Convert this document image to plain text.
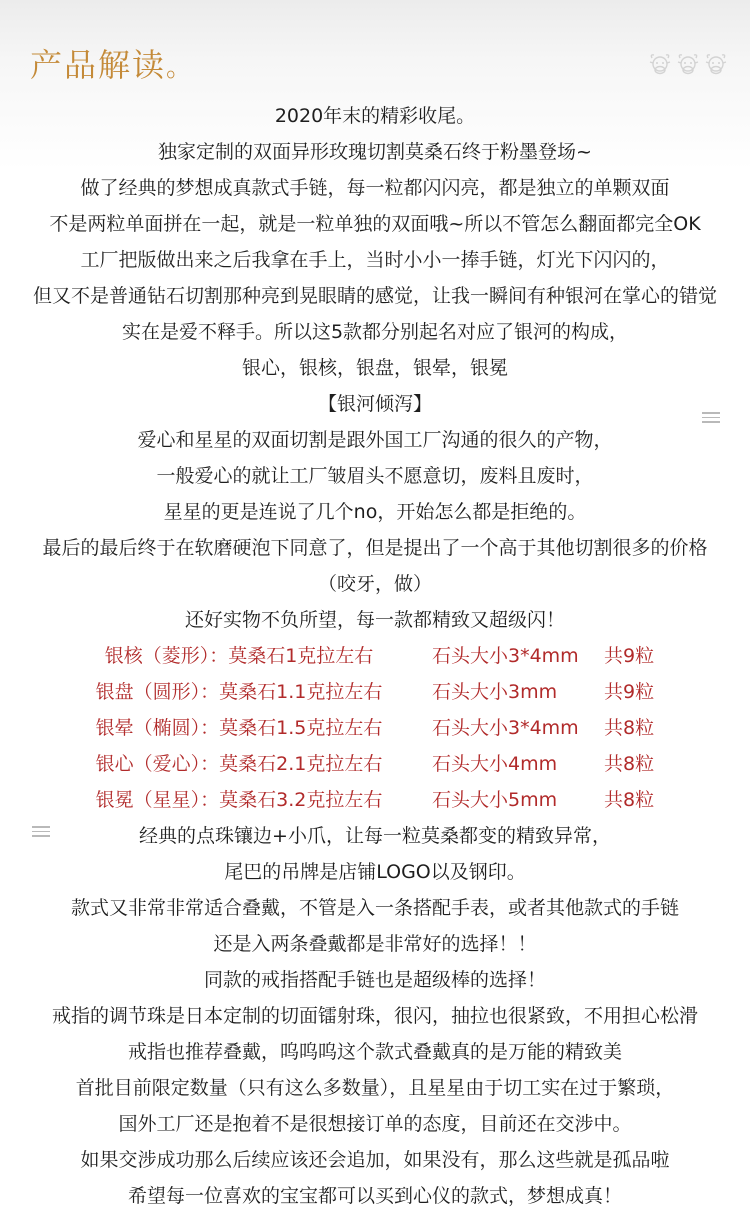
产品解读。
2020年末的精彩收尾。
独家定制的双面异形玫瑰切割莫桑石终于粉墨登场~
做了经典的梦想成真款式手链，每一粒都闪闪亮，都是独立的单颗双面
不是两粒单面拼在一起，就是一粒单独的双面哦~所以不管怎么翻面都完全OK
工厂把版做出来之后我拿在手上，当时小小一捧手链，灯光下闪闪的，
但又不是普通钻石切割那种亮到晃眼睛的感觉，让我一瞬间有种银河在掌心的错觉
实在是爱不释手。所以这5款都分别起名对应了银河的构成，
银心，银核，银盘，银晕，银冕
【银河倾泻】
爱心和星星的双面切割是跟外国工厂沟通的很久的产物，
一般爱心的就让工厂皱眉头不愿意切，废料且废时，
星星的更是连说了几个no，开始怎么都是拒绝的。
最后的最后终于在软磨硬泡下同意了，但是提出了一个高于其他切割很多的价格
（咬牙，做）
还好实物不负所望，每一款都精致又超级闪！
银核（菱形）：莫桑石1克拉左右	石头大小3*4mm 共9粒
银盘（圆形）：莫桑石1.1克拉左右	石头大小3mm 共9粒
银晕（椭圆）：莫桑石1.5克拉左右	石头大小3*4mm 共8粒
银心（爱心）：莫桑石2.1克拉左右	石头大小4mm 共8粒
银冕（星星）：莫桑石3.2克拉左右	石头大小5mm 共8粒
经典的点珠镶边+小爪，让每一粒莫桑都变的精致异常，
尾巴的吊牌是店铺LOGO以及钢印。
款式又非常非常适合叠戴，不管是入一条搭配手表，或者其他款式的手链
还是入两条叠戴都是非常好的选择！！
同款的戒指搭配手链也是超级棒的选择！
戒指的调节珠是日本定制的切面镭射珠，很闪，抽拉也很紧致，不用担心松滑
戒指也推荐叠戴，呜呜呜这个款式叠戴真的是万能的精致美
首批目前限定数量（只有这么多数量），且星星由于切工实在过于繁琐，
国外工厂还是抱着不是很想接订单的态度，目前还在交涉中。
如果交涉成功那么后续应该还会追加，如果没有，那么这些就是孤品啦
希望每一位喜欢的宝宝都可以买到心仪的款式，梦想成真！
